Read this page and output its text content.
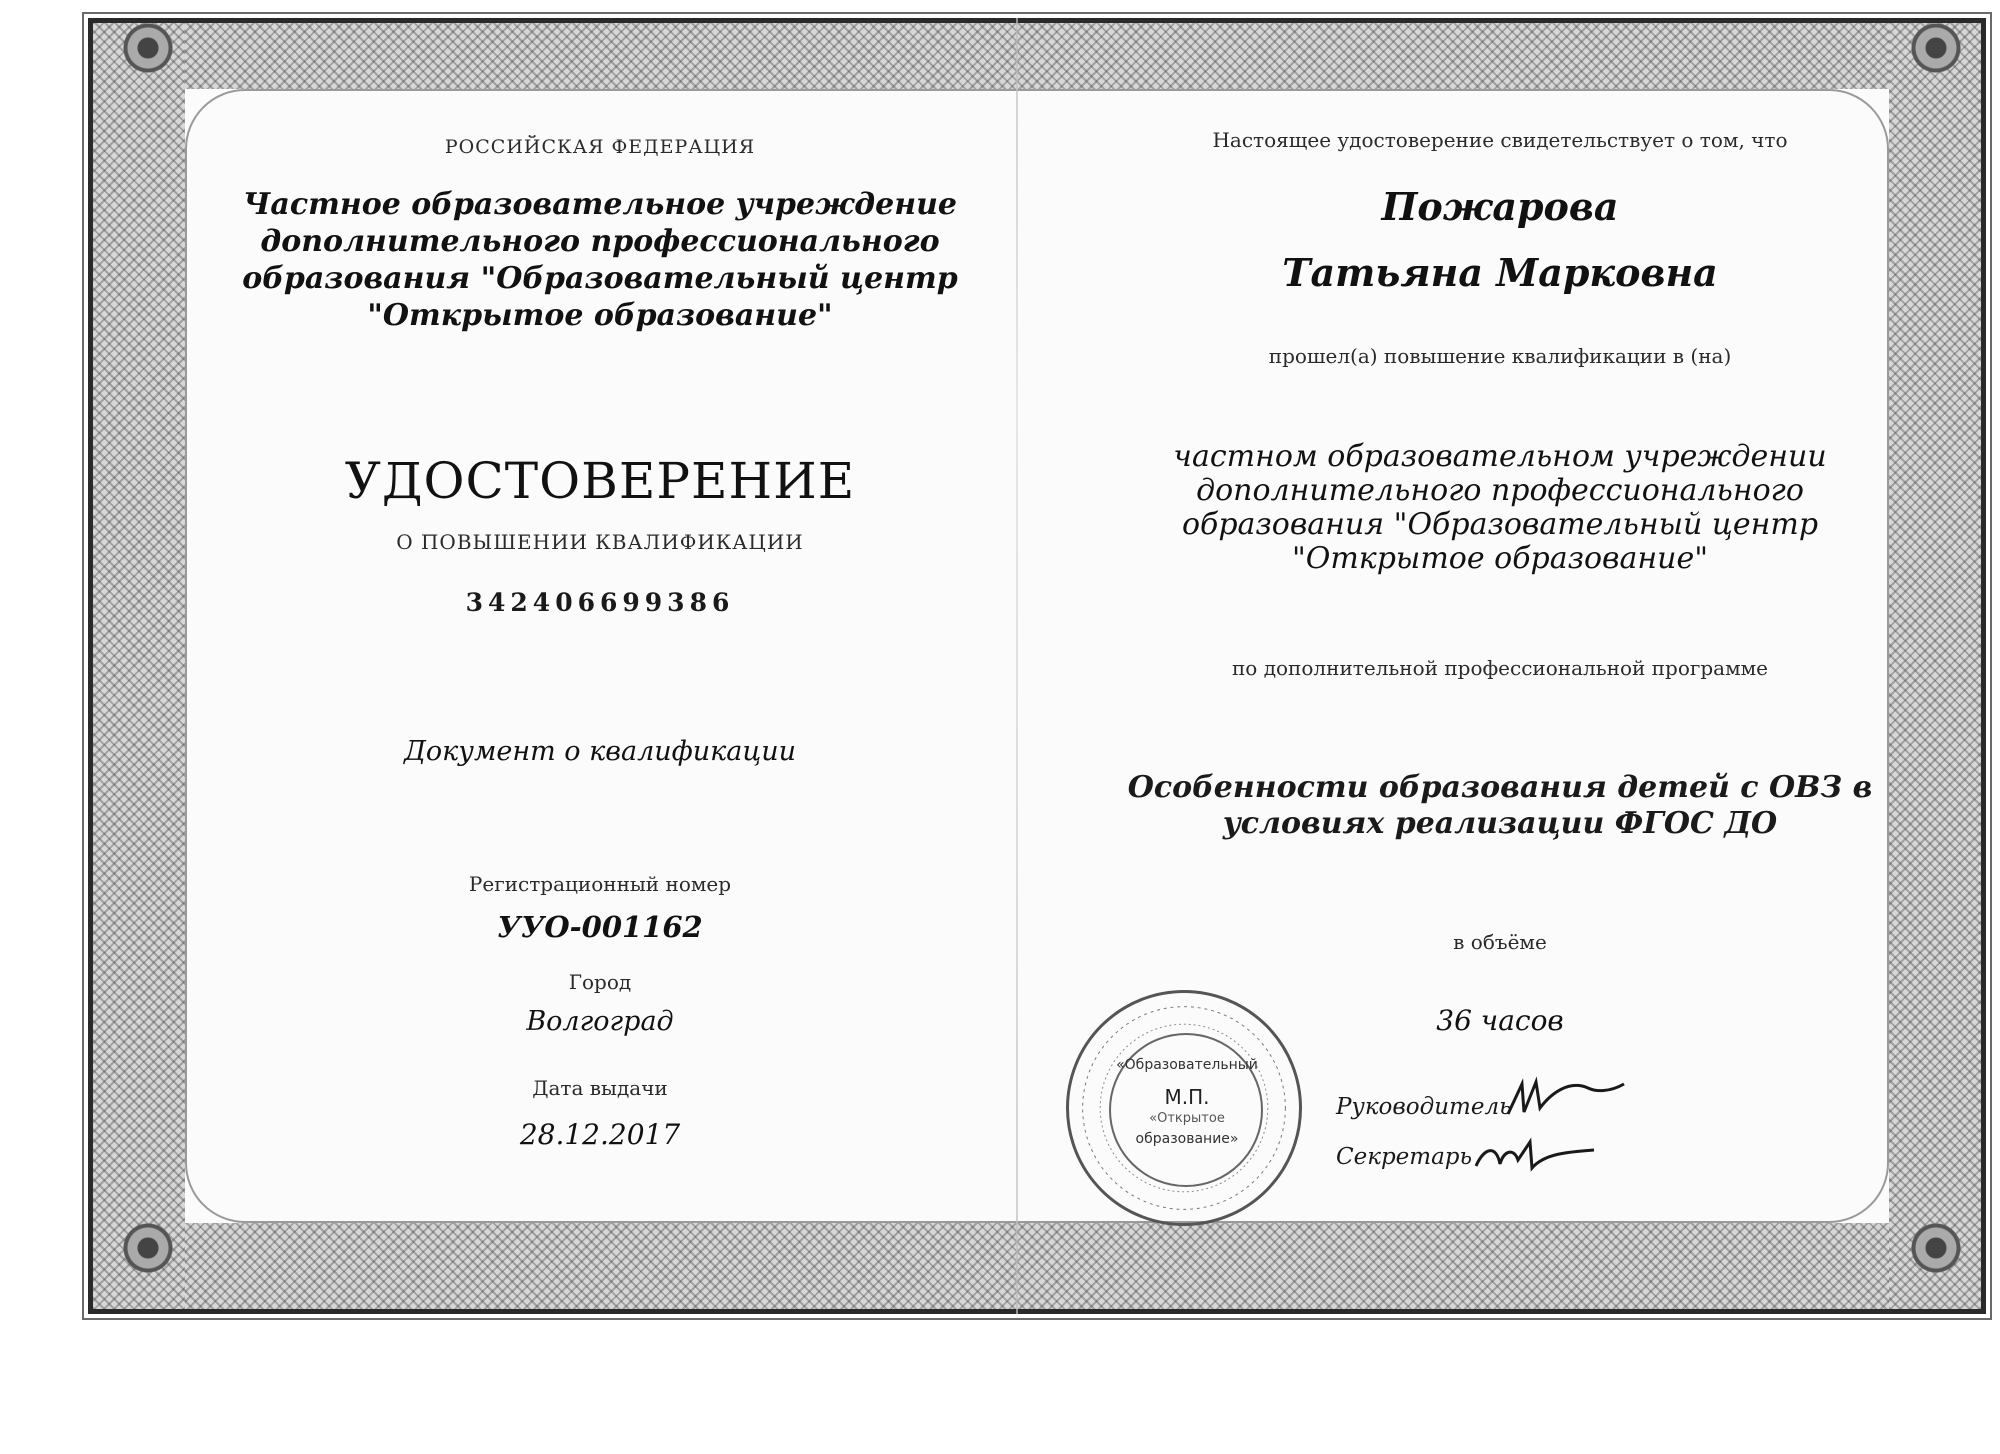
РОССИЙСКАЯ ФЕДЕРАЦИЯ
Частное образовательное учреждение
дополнительного профессионального
образования "Образовательный центр
"Открытое образование"
УДОСТОВЕРЕНИЕ
О ПОВЫШЕНИИ КВАЛИФИКАЦИИ
342406699386
Документ о квалификации
Регистрационный номер
УУО-001162
Город
Волгоград
Дата выдачи
28.12.2017
Настоящее удостоверение свидетельствует о том, что
Пожарова
Татьяна Марковна
прошел(а) повышение квалификации в (на)
частном образовательном учреждении
дополнительного профессионального
образования "Образовательный центр
"Открытое образование"
по дополнительной профессиональной программе
Особенности образования детей с ОВЗ в
условиях реализации ФГОС ДО
в объёме
36 часов
Руководитель
Секретарь
«Образовательный
М.П.
«Открытое
образование»
